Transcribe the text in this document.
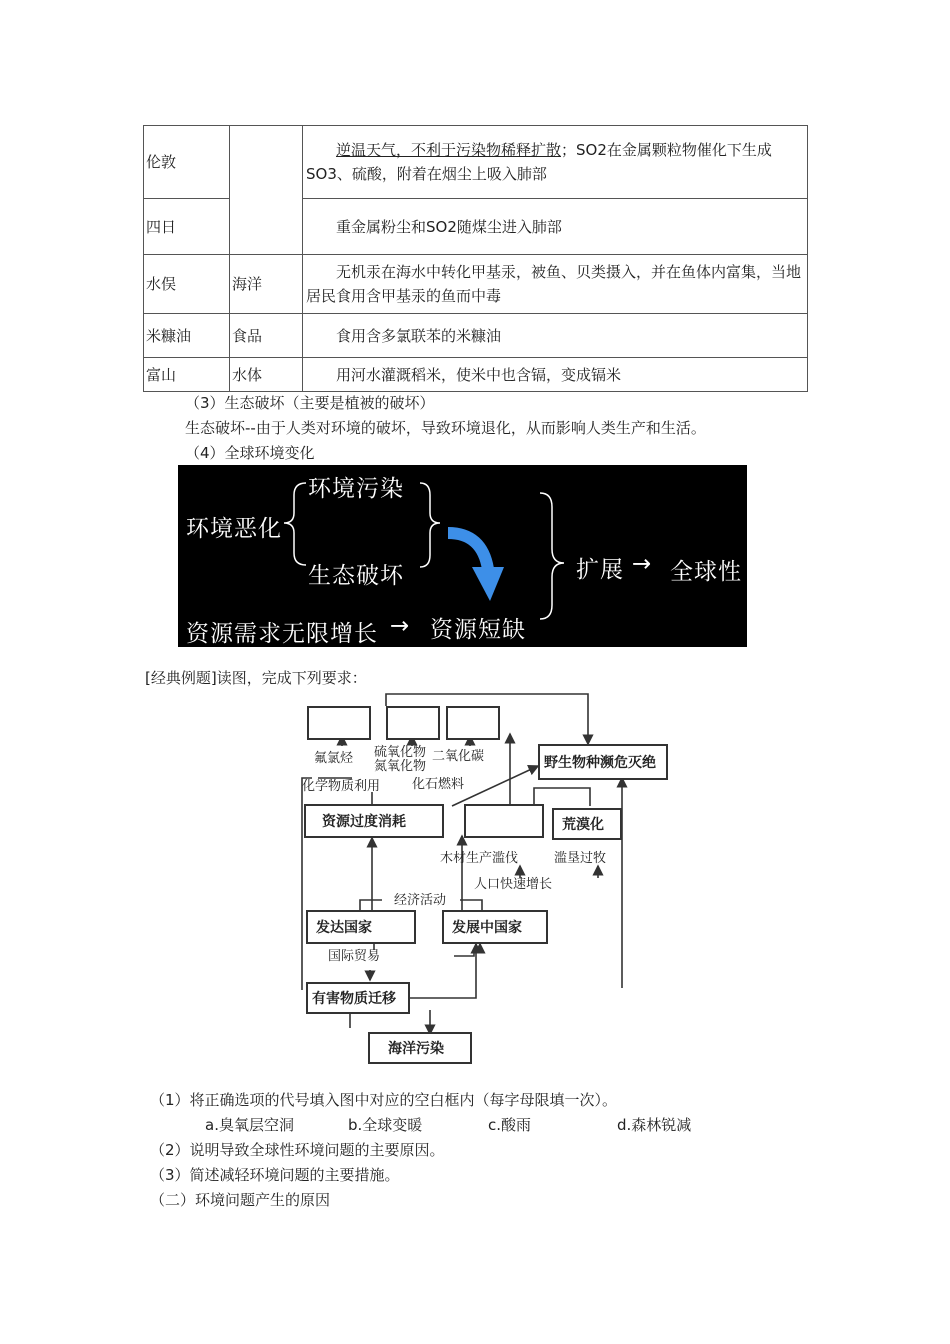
伦敦		逆温天气，不利于污染物稀释扩散；SO2在金属颗粒物催化下生成SO3、硫酸，附着在烟尘上吸入肺部
四日		重金属粉尘和SO2随煤尘进入肺部
水俣	海洋	无机汞在海水中转化甲基汞，被鱼、贝类摄入，并在鱼体内富集，当地居民食用含甲基汞的鱼而中毒
米糠油	食品	食用含多氯联苯的米糠油
富山	水体	用河水灌溉稻米，使米中也含镉，变成镉米
（3）生态破坏（主要是植被的破坏）
生态破坏--由于人类对环境的破坏，导致环境退化，从而影响人类生产和生活。
（4）全球环境变化
环境污染
环境恶化
生态破坏	扩展 → 全球性
资源需求无限增长 → 资源短缺
[经典例题]读图，完成下列要求：
氟氯烃 硫氧化物氮氧化物
二氧化碳
化石燃料
化学物质利用
野生物种濒危灭绝
资源过度消耗	荒漠化
木材生产滥伐	滥垦过牧
人口快速增长
经济活动
发达国家	发展中国家
国际贸易
有害物质迁移
海洋污染
（1）将正确选项的代号填入图中对应的空白框内（每字母限填一次）。
a.臭氧层空洞	b.全球变暖	c.酸雨	d.森林锐减
（2）说明导致全球性环境问题的主要原因。
（3）简述减轻环境问题的主要措施。
（二）环境问题产生的原因
